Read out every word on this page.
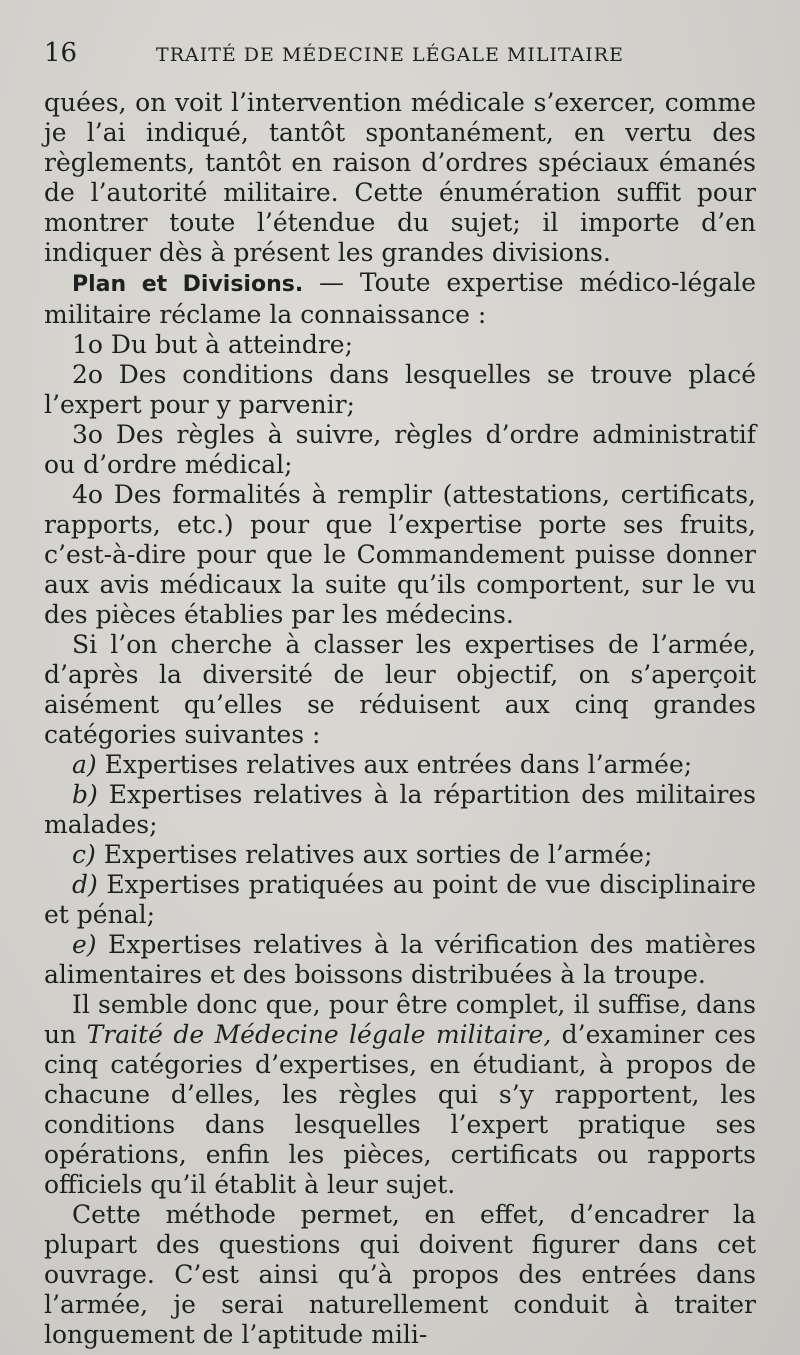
16	TRAITÉ DE MÉDECINE LÉGALE MILITAIRE

quées, on voit l’intervention médicale s’exercer, comme je l’ai indiqué, tantôt spontanément, en vertu des règlements, tantôt en raison d’ordres spéciaux émanés de l’autorité militaire. Cette énumération suffit pour montrer toute l’étendue du sujet; il importe d’en indiquer dès à présent les grandes divisions.

Plan et Divisions. — Toute expertise médico-légale militaire réclame la connaissance :

1o Du but à atteindre;

2o Des conditions dans lesquelles se trouve placé l’expert pour y parvenir;

3o Des règles à suivre, règles d’ordre administratif ou d’ordre médical;

4o Des formalités à remplir (attestations, certificats, rapports, etc.) pour que l’expertise porte ses fruits, c’est-à-dire pour que le Commandement puisse donner aux avis médicaux la suite qu’ils comportent, sur le vu des pièces établies par les médecins.

Si l’on cherche à classer les expertises de l’armée, d’après la diversité de leur objectif, on s’aperçoit aisément qu’elles se réduisent aux cinq grandes catégories suivantes :

a) Expertises relatives aux entrées dans l’armée;

b) Expertises relatives à la répartition des militaires malades;

c) Expertises relatives aux sorties de l’armée;

d) Expertises pratiquées au point de vue disciplinaire et pénal;

e) Expertises relatives à la vérification des matières alimentaires et des boissons distribuées à la troupe.

Il semble donc que, pour être complet, il suffise, dans un Traité de Médecine légale militaire, d’examiner ces cinq catégories d’expertises, en étudiant, à propos de chacune d’elles, les règles qui s’y rapportent, les conditions dans lesquelles l’expert pratique ses opérations, enfin les pièces, certificats ou rapports officiels qu’il établit à leur sujet.

Cette méthode permet, en effet, d’encadrer la plupart des questions qui doivent figurer dans cet ouvrage. C’est ainsi qu’à propos des entrées dans l’armée, je serai naturellement conduit à traiter longuement de l’aptitude mili-
